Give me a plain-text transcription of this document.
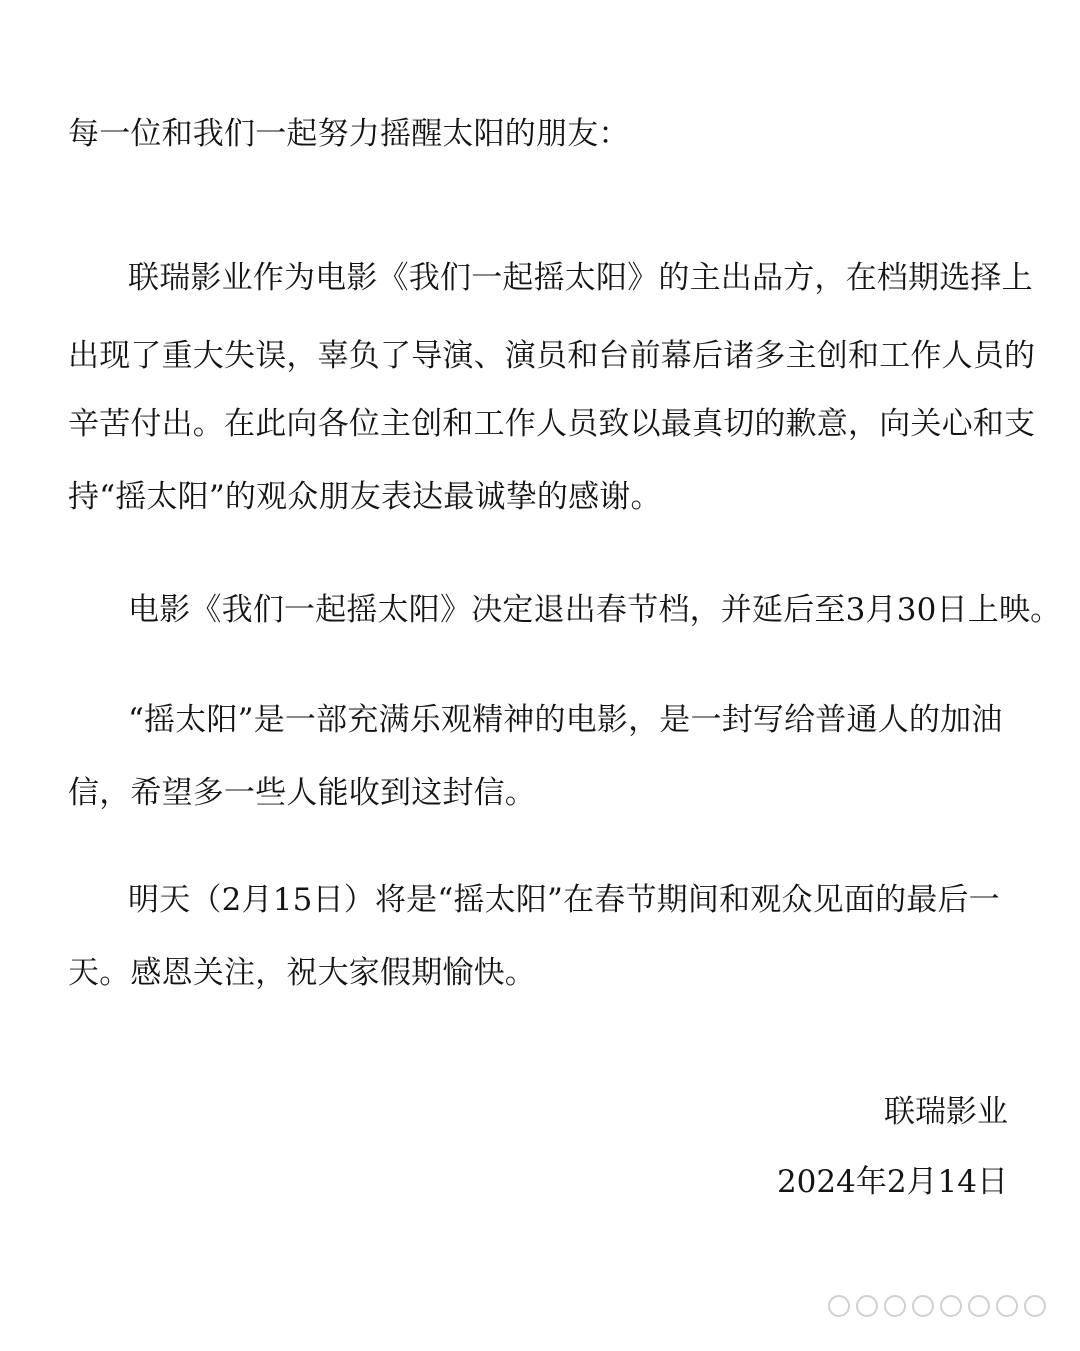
每一位和我们一起努力摇醒太阳的朋友：
联瑞影业作为电影《我们一起摇太阳》的主出品方，在档期选择上
出现了重大失误，辜负了导演、演员和台前幕后诸多主创和工作人员的
辛苦付出。在此向各位主创和工作人员致以最真切的歉意，向关心和支
持“摇太阳”的观众朋友表达最诚挚的感谢。
电影《我们一起摇太阳》决定退出春节档，并延后至3月30日上映。
“摇太阳”是一部充满乐观精神的电影，是一封写给普通人的加油
信，希望多一些人能收到这封信。
明天（2月15日）将是“摇太阳”在春节期间和观众见面的最后一
天。感恩关注，祝大家假期愉快。
联瑞影业
2024年2月14日
